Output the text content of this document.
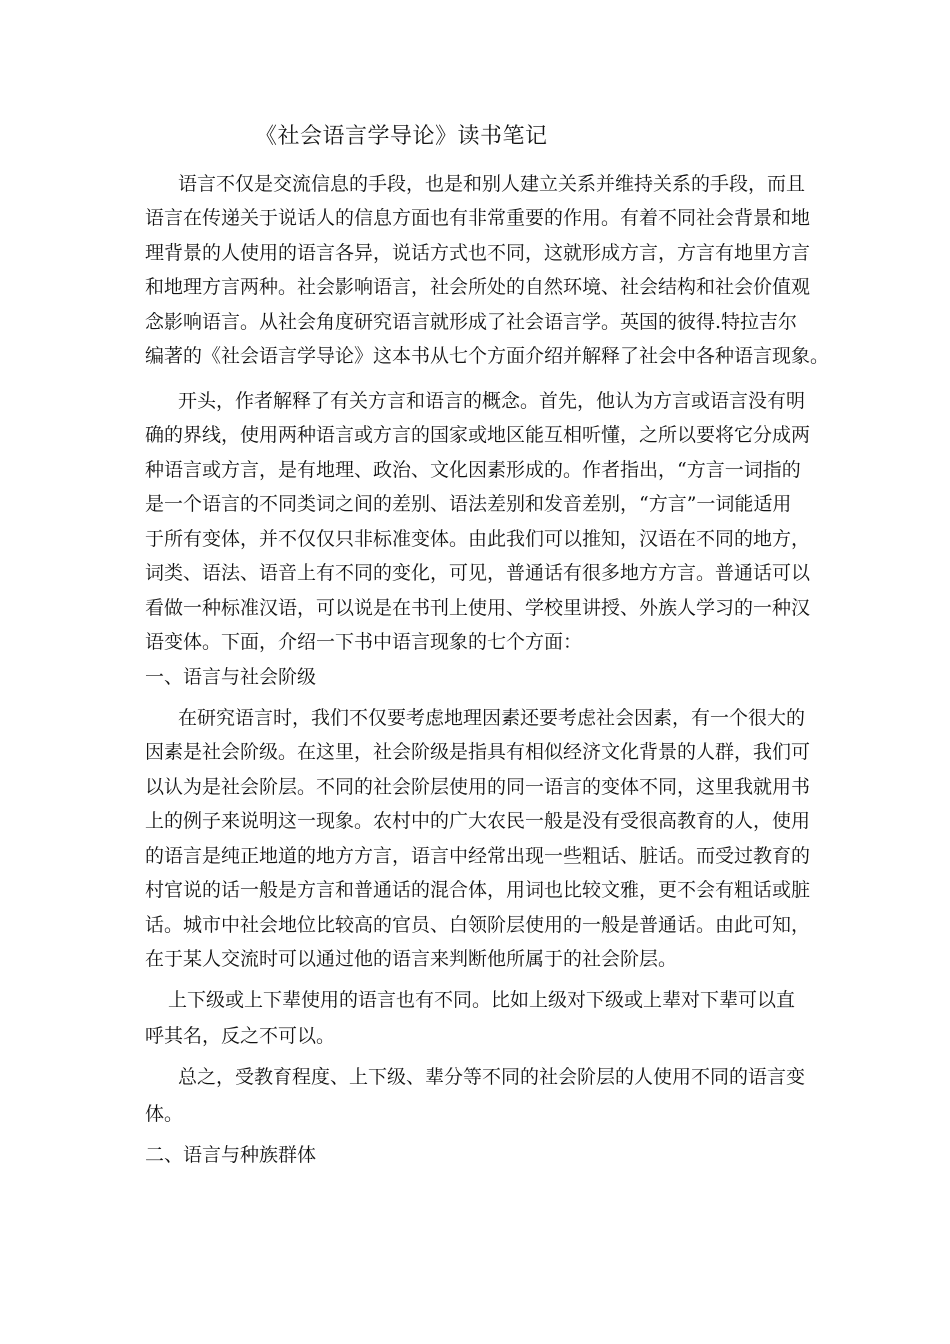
《社会语言学导论》读书笔记
语言不仅是交流信息的手段，也是和别人建立关系并维持关系的手段，而且
语言在传递关于说话人的信息方面也有非常重要的作用。有着不同社会背景和地
理背景的人使用的语言各异，说话方式也不同，这就形成方言，方言有地里方言
和地理方言两种。社会影响语言，社会所处的自然环境、社会结构和社会价值观
念影响语言。从社会角度研究语言就形成了社会语言学。英国的彼得.特拉吉尔
编著的《社会语言学导论》这本书从七个方面介绍并解释了社会中各种语言现象。
开头，作者解释了有关方言和语言的概念。首先，他认为方言或语言没有明
确的界线，使用两种语言或方言的国家或地区能互相听懂，之所以要将它分成两
种语言或方言，是有地理、政治、文化因素形成的。作者指出，“方言一词指的
是一个语言的不同类词之间的差别、语法差别和发音差别，“方言”一词能适用
于所有变体，并不仅仅只非标准变体。由此我们可以推知，汉语在不同的地方，
词类、语法、语音上有不同的变化，可见，普通话有很多地方方言。普通话可以
看做一种标准汉语，可以说是在书刊上使用、学校里讲授、外族人学习的一种汉
语变体。下面，介绍一下书中语言现象的七个方面：
一、语言与社会阶级
在研究语言时，我们不仅要考虑地理因素还要考虑社会因素，有一个很大的
因素是社会阶级。在这里，社会阶级是指具有相似经济文化背景的人群，我们可
以认为是社会阶层。不同的社会阶层使用的同一语言的变体不同，这里我就用书
上的例子来说明这一现象。农村中的广大农民一般是没有受很高教育的人，使用
的语言是纯正地道的地方方言，语言中经常出现一些粗话、脏话。而受过教育的
村官说的话一般是方言和普通话的混合体，用词也比较文雅，更不会有粗话或脏
话。城市中社会地位比较高的官员、白领阶层使用的一般是普通话。由此可知，
在于某人交流时可以通过他的语言来判断他所属于的社会阶层。
上下级或上下辈使用的语言也有不同。比如上级对下级或上辈对下辈可以直
呼其名，反之不可以。
总之，受教育程度、上下级、辈分等不同的社会阶层的人使用不同的语言变
体。
二、语言与种族群体
